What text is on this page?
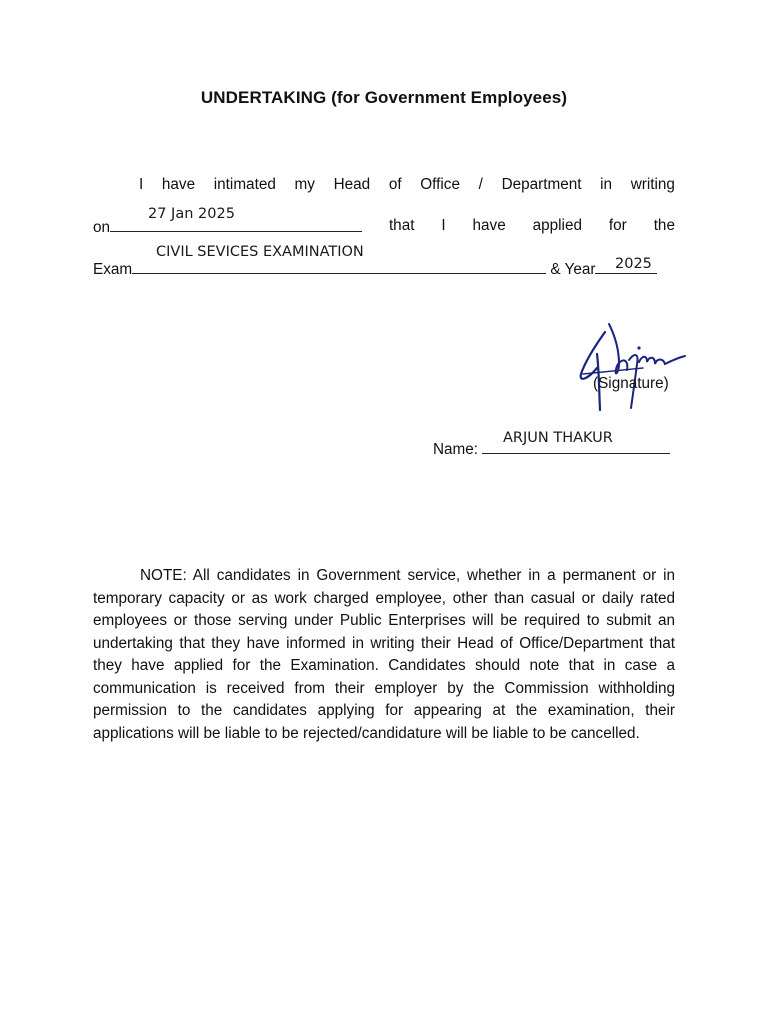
UNDERTAKING (for Government Employees)
I have intimated my Head of Office / Department in writing
27 Jan 2025
on	that I have applied for the
CIVIL SEVICES EXAMINATION
2025
Exam	& Year
(Signature)
ARJUN THAKUR
Name:
NOTE: All candidates in Government service, whether in a permanent or in temporary capacity or as work charged employee, other than casual or daily rated employees or those serving under Public Enterprises will be required to submit an undertaking that they have informed in writing their Head of Office/Department that they have applied for the Examination. Candidates should note that in case a communication is received from their employer by the Commission withholding permission to the candidates applying for appearing at the examination, their applications will be liable to be rejected/candidature will be liable to be cancelled.
